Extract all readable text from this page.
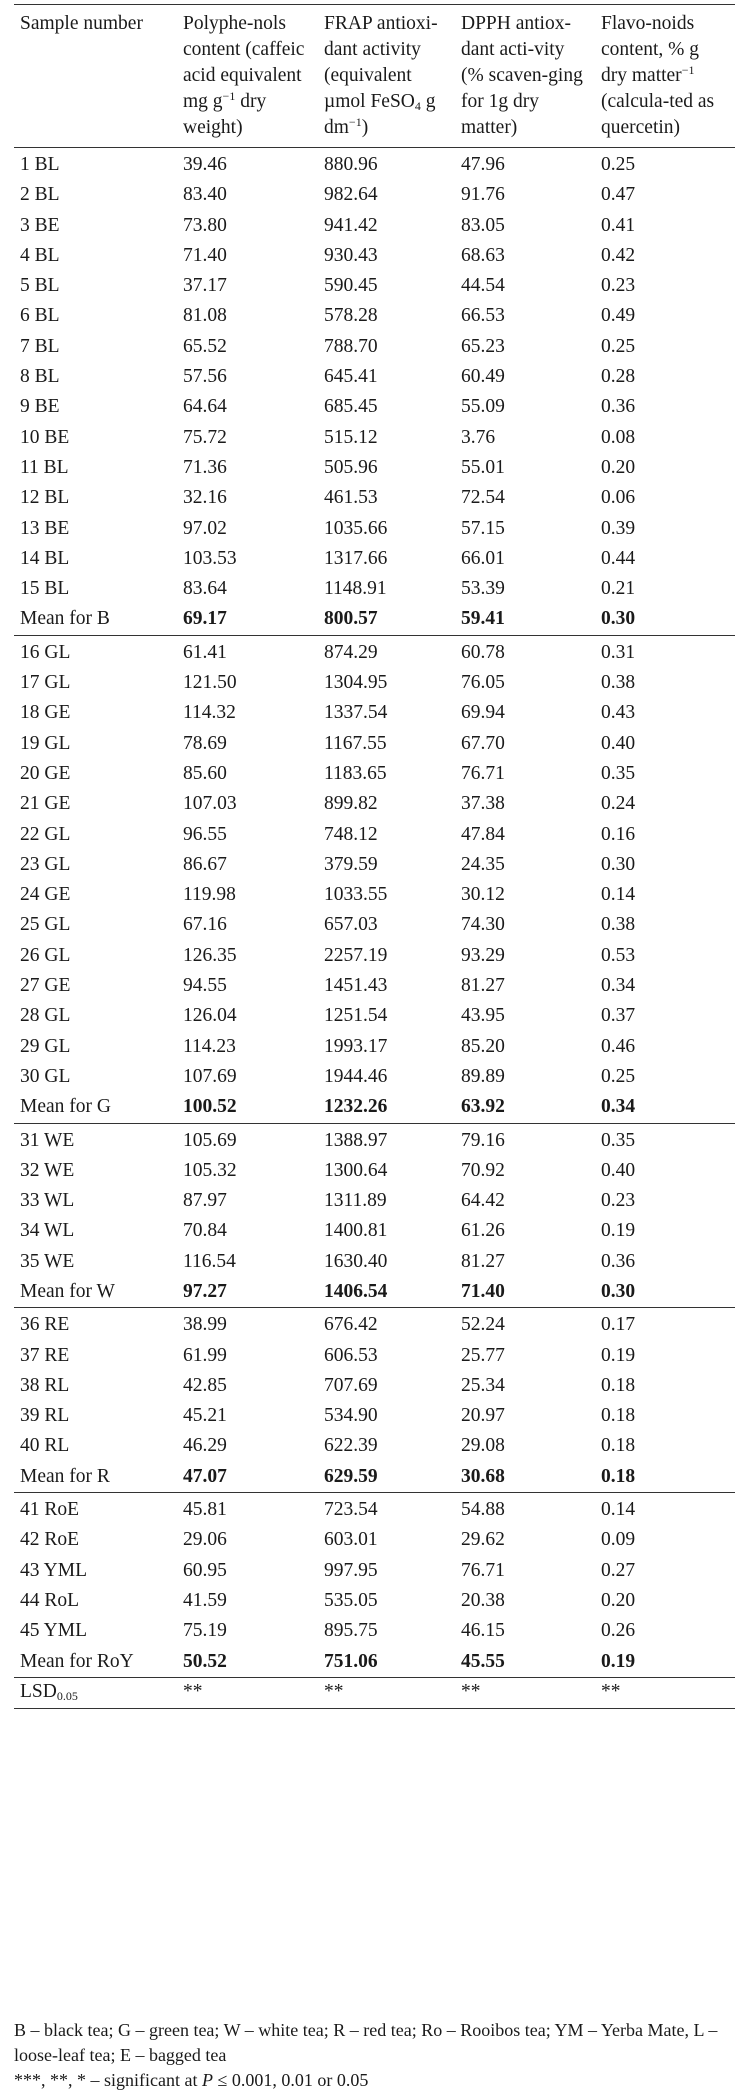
Sample number	Polyphe-nols content (caffeic acid equivalent mg $g^{-1}$ dry weight)	FRAP antioxi-dant activity (equivalent µmol FeSO$_4$ g $dm^{-1}$)	DPPH antiox-dant acti-vity (% scaven-ging for 1g dry matter)	Flavo-noids content, % g dry matter$^{-1}$ (calcula-ted as quercetin)
1 BL	39.46	880.96	47.96	0.25
2 BL	83.40	982.64	91.76	0.47
3 BE	73.80	941.42	83.05	0.41
4 BL	71.40	930.43	68.63	0.42
5 BL	37.17	590.45	44.54	0.23
6 BL	81.08	578.28	66.53	0.49
7 BL	65.52	788.70	65.23	0.25
8 BL	57.56	645.41	60.49	0.28
9 BE	64.64	685.45	55.09	0.36
10 BE	75.72	515.12	3.76	0.08
11 BL	71.36	505.96	55.01	0.20
12 BL	32.16	461.53	72.54	0.06
13 BE	97.02	1035.66	57.15	0.39
14 BL	103.53	1317.66	66.01	0.44
15 BL	83.64	1148.91	53.39	0.21
Mean for B	69.17	800.57	59.41	0.30
16 GL	61.41	874.29	60.78	0.31
17 GL	121.50	1304.95	76.05	0.38
18 GE	114.32	1337.54	69.94	0.43
19 GL	78.69	1167.55	67.70	0.40
20 GE	85.60	1183.65	76.71	0.35
21 GE	107.03	899.82	37.38	0.24
22 GL	96.55	748.12	47.84	0.16
23 GL	86.67	379.59	24.35	0.30
24 GE	119.98	1033.55	30.12	0.14
25 GL	67.16	657.03	74.30	0.38
26 GL	126.35	2257.19	93.29	0.53
27 GE	94.55	1451.43	81.27	0.34
28 GL	126.04	1251.54	43.95	0.37
29 GL	114.23	1993.17	85.20	0.46
30 GL	107.69	1944.46	89.89	0.25
Mean for G	100.52	1232.26	63.92	0.34
31 WE	105.69	1388.97	79.16	0.35
32 WE	105.32	1300.64	70.92	0.40
33 WL	87.97	1311.89	64.42	0.23
34 WL	70.84	1400.81	61.26	0.19
35 WE	116.54	1630.40	81.27	0.36
Mean for W	97.27	1406.54	71.40	0.30
36 RE	38.99	676.42	52.24	0.17
37 RE	61.99	606.53	25.77	0.19
38 RL	42.85	707.69	25.34	0.18
39 RL	45.21	534.90	20.97	0.18
40 RL	46.29	622.39	29.08	0.18
Mean for R	47.07	629.59	30.68	0.18
41 RoE	45.81	723.54	54.88	0.14
42 RoE	29.06	603.01	29.62	0.09
43 YML	60.95	997.95	76.71	0.27
44 RoL	41.59	535.05	20.38	0.20
45 YML	75.19	895.75	46.15	0.26
Mean for RoY	50.52	751.06	45.55	0.19
$LSD_{0.05}$	**	**	**	**

B – black tea; G – green tea; W – white tea; R – red tea; Ro – Rooibos tea; YM – Yerba Mate, L – loose-leaf tea; E – bagged tea

***, **, * – significant at P ≤ 0.001, 0.01 or 0.05
